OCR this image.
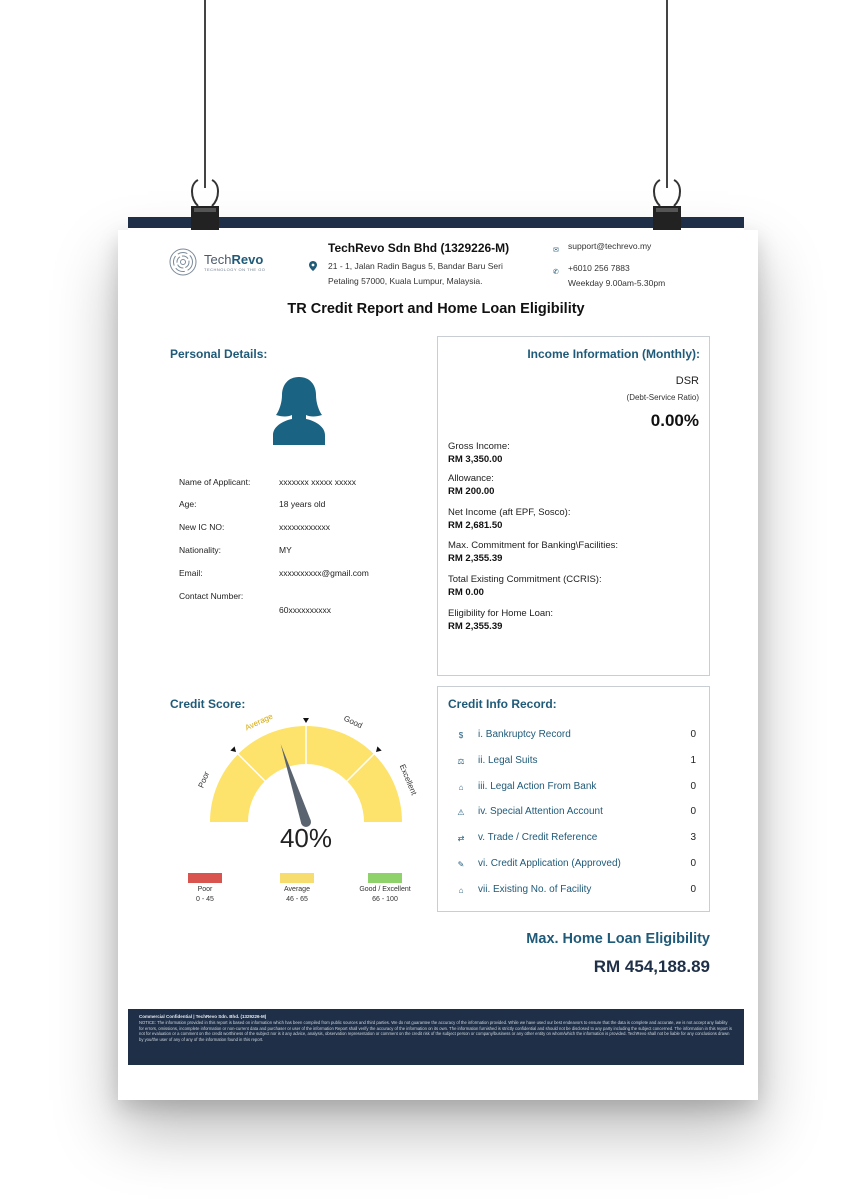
TechRevo
TECHNOLOGY ON THE GO
TechRevo Sdn Bhd (1329226-M)
21 - 1, Jalan Radin Bagus 5, Bandar Baru Seri
Petaling 57000, Kuala Lumpur, Malaysia.
✉ support@techrevo.my
✆ +6010 256 7883
Weekday 9.00am-5.30pm
TR Credit Report and Home Loan Eligibility
Personal Details:
Name of Applicant:	xxxxxxx xxxxx xxxxx
Age:	18 years old
New IC NO:	xxxxxxxxxxxx
Nationality:	MY
Email:	xxxxxxxxxx@gmail.com
Contact Number:
60xxxxxxxxxx
Income Information (Monthly):
DSR
(Debt-Service Ratio)
0.00%
Gross Income:
RM 3,350.00
Allowance:
RM 200.00
Net Income (aft EPF, Sosco):
RM 2,681.50
Max. Commitment for Banking\Facilities:
RM 2,355.39
Total Existing Commitment (CCRIS):
RM 0.00
Eligibility for Home Loan:
RM 2,355.39
Credit Score:
Poor
Average	Good
Excellent
40%
Poor
0 - 45
Average
46 - 65
Good / Excellent
66 - 100
Credit Info Record:
$ i. Bankruptcy Record	0
⚖ ii. Legal Suits	1
⌂ iii. Legal Action From Bank	0
⚠ iv. Special Attention Account	0
⇄ v. Trade / Credit Reference	3
✎ vi. Credit Application (Approved)	0
⌂ vii. Existing No. of Facility	0
Max. Home Loan Eligibility
RM 454,188.89
Commercial Confidential | TechRevo Sdn. Bhd. (1329226-M)
NOTICE: The information provided in this report is based on information which has been compiled from public sources and third parties. We do not guarantee the accuracy of the information provided. While we have used our best endeavors to ensure that the data is complete and accurate, we is not accept any liability for errors, omissions, incomplete information or non-current data and purchaser or user of the information Report shall verify the accuracy of the information on its own. The information furnished is strictly confidential and should not be disclosed to any party including the subject concerned. The information in this report is not for evaluation or a comment on the credit worthiness of the subject nor is it any advice, analysis, observation representation or comment on the credit risk of the subject person or company/business or any other entity on whom/which the information is provided. TechRevo shall not be liable for any conclusions drawn by you/the user of any of any of the information found in this report.
